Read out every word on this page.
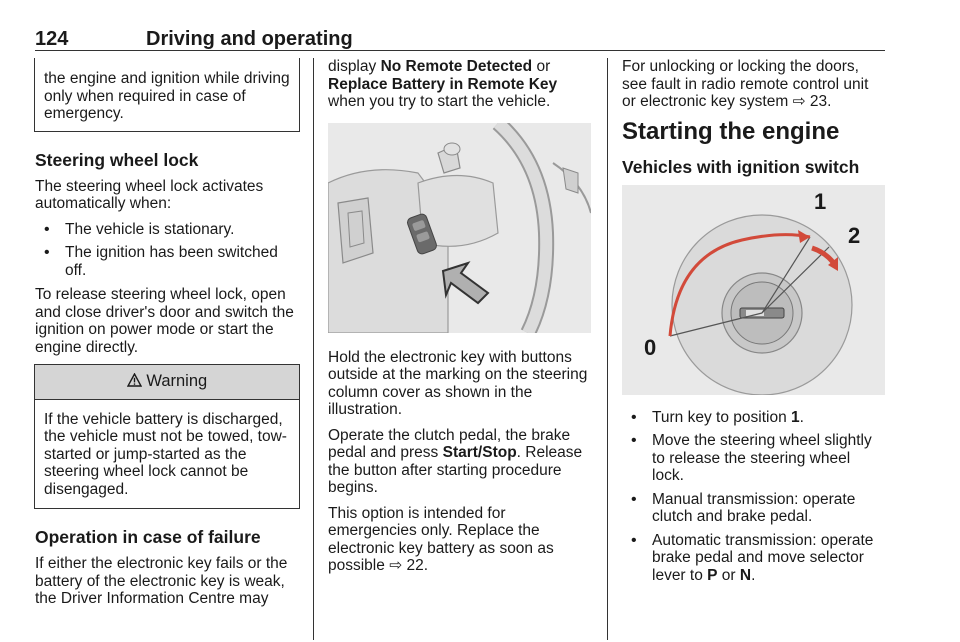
124	Driving and operating
the engine and ignition while driving only when required in case of emergency.
Steering wheel lock

The steering wheel lock activates automatically when:

• The vehicle is stationary.
• The ignition has been switched off.

To release steering wheel lock, open and close driver's door and switch the ignition on power mode or start the engine directly.

Warning
If the vehicle battery is discharged, the vehicle must not be towed, tow-started or jump-started as the steering wheel lock cannot be disengaged.
Operation in case of failure

If either the electronic key fails or the battery of the electronic key is weak, the Driver Information Centre may

display No Remote Detected or Replace Battery in Remote Key when you try to start the vehicle.

Hold the electronic key with buttons outside at the marking on the steering column cover as shown in the illustration.

Operate the clutch pedal, the brake pedal and press Start/Stop. Release the button after starting procedure begins.

This option is intended for emergencies only. Replace the electronic key battery as soon as possible ⇨ 22.

For unlocking or locking the doors, see fault in radio remote control unit or electronic key system ⇨ 23.

Starting the engine
Vehicles with ignition switch
0
1
2
• Turn key to position 1.
• Move the steering wheel slightly to release the steering wheel lock.
• Manual transmission: operate clutch and brake pedal.
• Automatic transmission: operate brake pedal and move selector lever to P or N.
